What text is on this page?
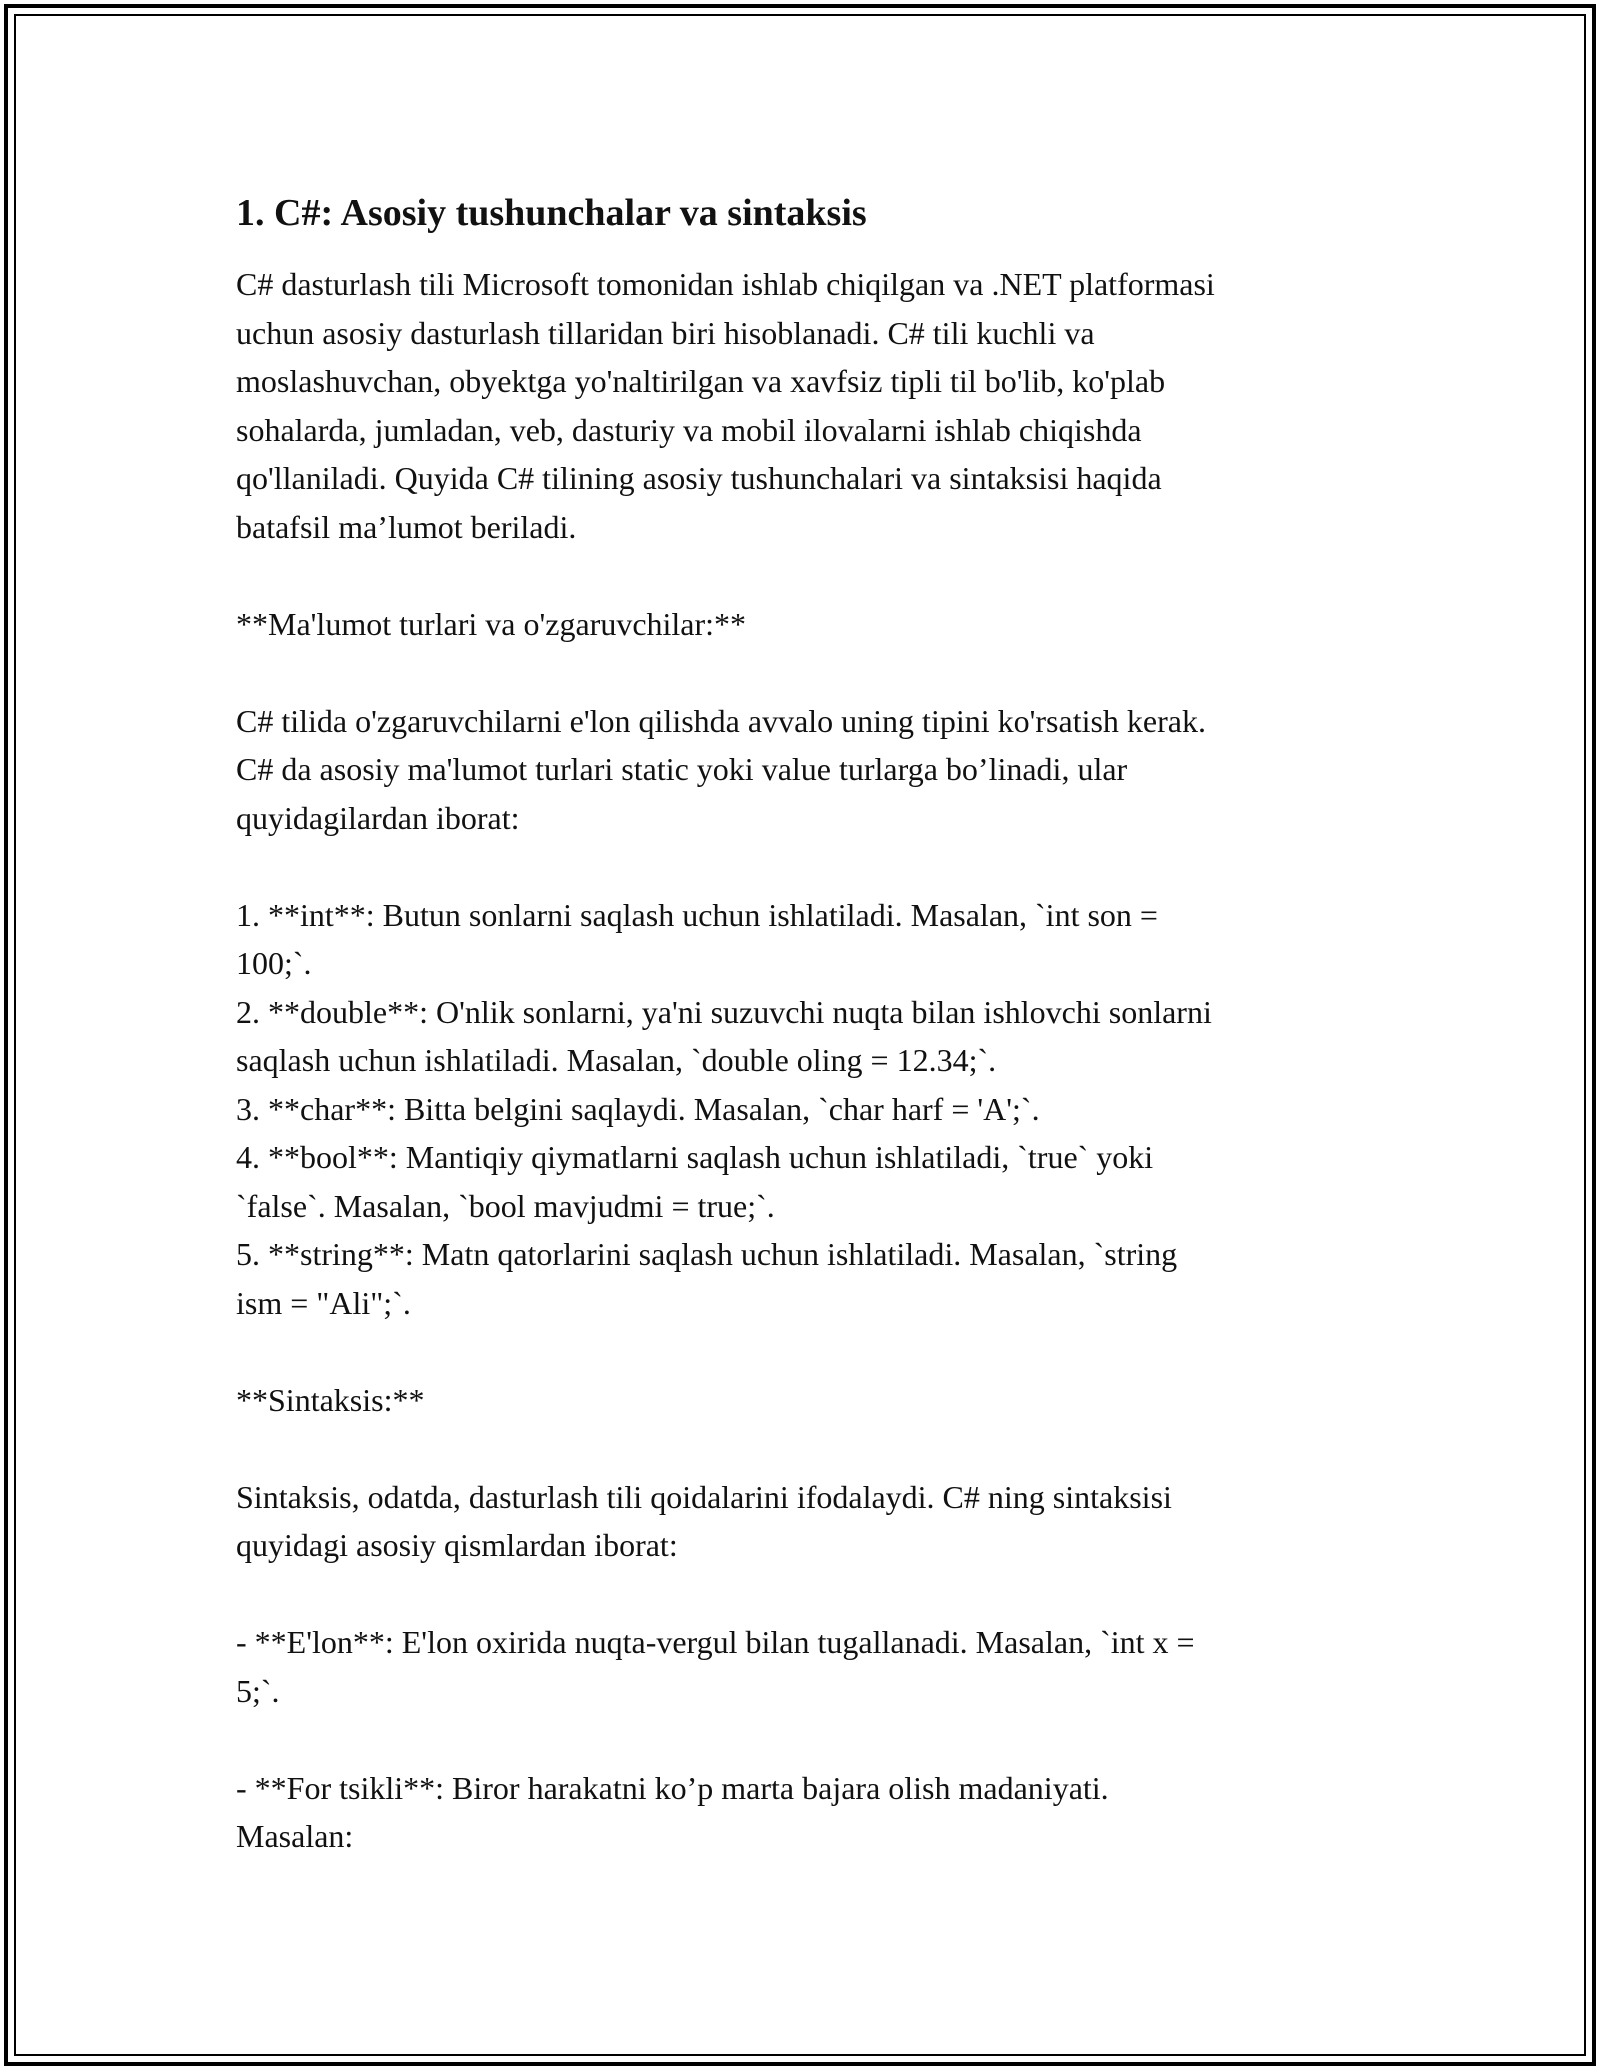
1. C#: Asosiy tushunchalar va sintaksis
C# dasturlash tili Microsoft tomonidan ishlab chiqilgan va .NET platformasi
uchun asosiy dasturlash tillaridan biri hisoblanadi. C# tili kuchli va
moslashuvchan, obyektga yo'naltirilgan va xavfsiz tipli til bo'lib, ko'plab
sohalarda, jumladan, veb, dasturiy va mobil ilovalarni ishlab chiqishda
qo'llaniladi. Quyida C# tilining asosiy tushunchalari va sintaksisi haqida
batafsil ma’lumot beriladi.
**Ma'lumot turlari va o'zgaruvchilar:**
C# tilida o'zgaruvchilarni e'lon qilishda avvalo uning tipini ko'rsatish kerak.
C# da asosiy ma'lumot turlari static yoki value turlarga bo’linadi, ular
quyidagilardan iborat:
1. **int**: Butun sonlarni saqlash uchun ishlatiladi. Masalan, `int son =
100;`.
2. **double**: O'nlik sonlarni, ya'ni suzuvchi nuqta bilan ishlovchi sonlarni
saqlash uchun ishlatiladi. Masalan, `double oling = 12.34;`.
3. **char**: Bitta belgini saqlaydi. Masalan, `char harf = 'A';`.
4. **bool**: Mantiqiy qiymatlarni saqlash uchun ishlatiladi, `true` yoki
`false`. Masalan, `bool mavjudmi = true;`.
5. **string**: Matn qatorlarini saqlash uchun ishlatiladi. Masalan, `string
ism = "Ali";`.
**Sintaksis:**
Sintaksis, odatda, dasturlash tili qoidalarini ifodalaydi. C# ning sintaksisi
quyidagi asosiy qismlardan iborat:
- **E'lon**: E'lon oxirida nuqta-vergul bilan tugallanadi. Masalan, `int x =
5;`.
- **For tsikli**: Biror harakatni ko’p marta bajara olish madaniyati.
Masalan:
